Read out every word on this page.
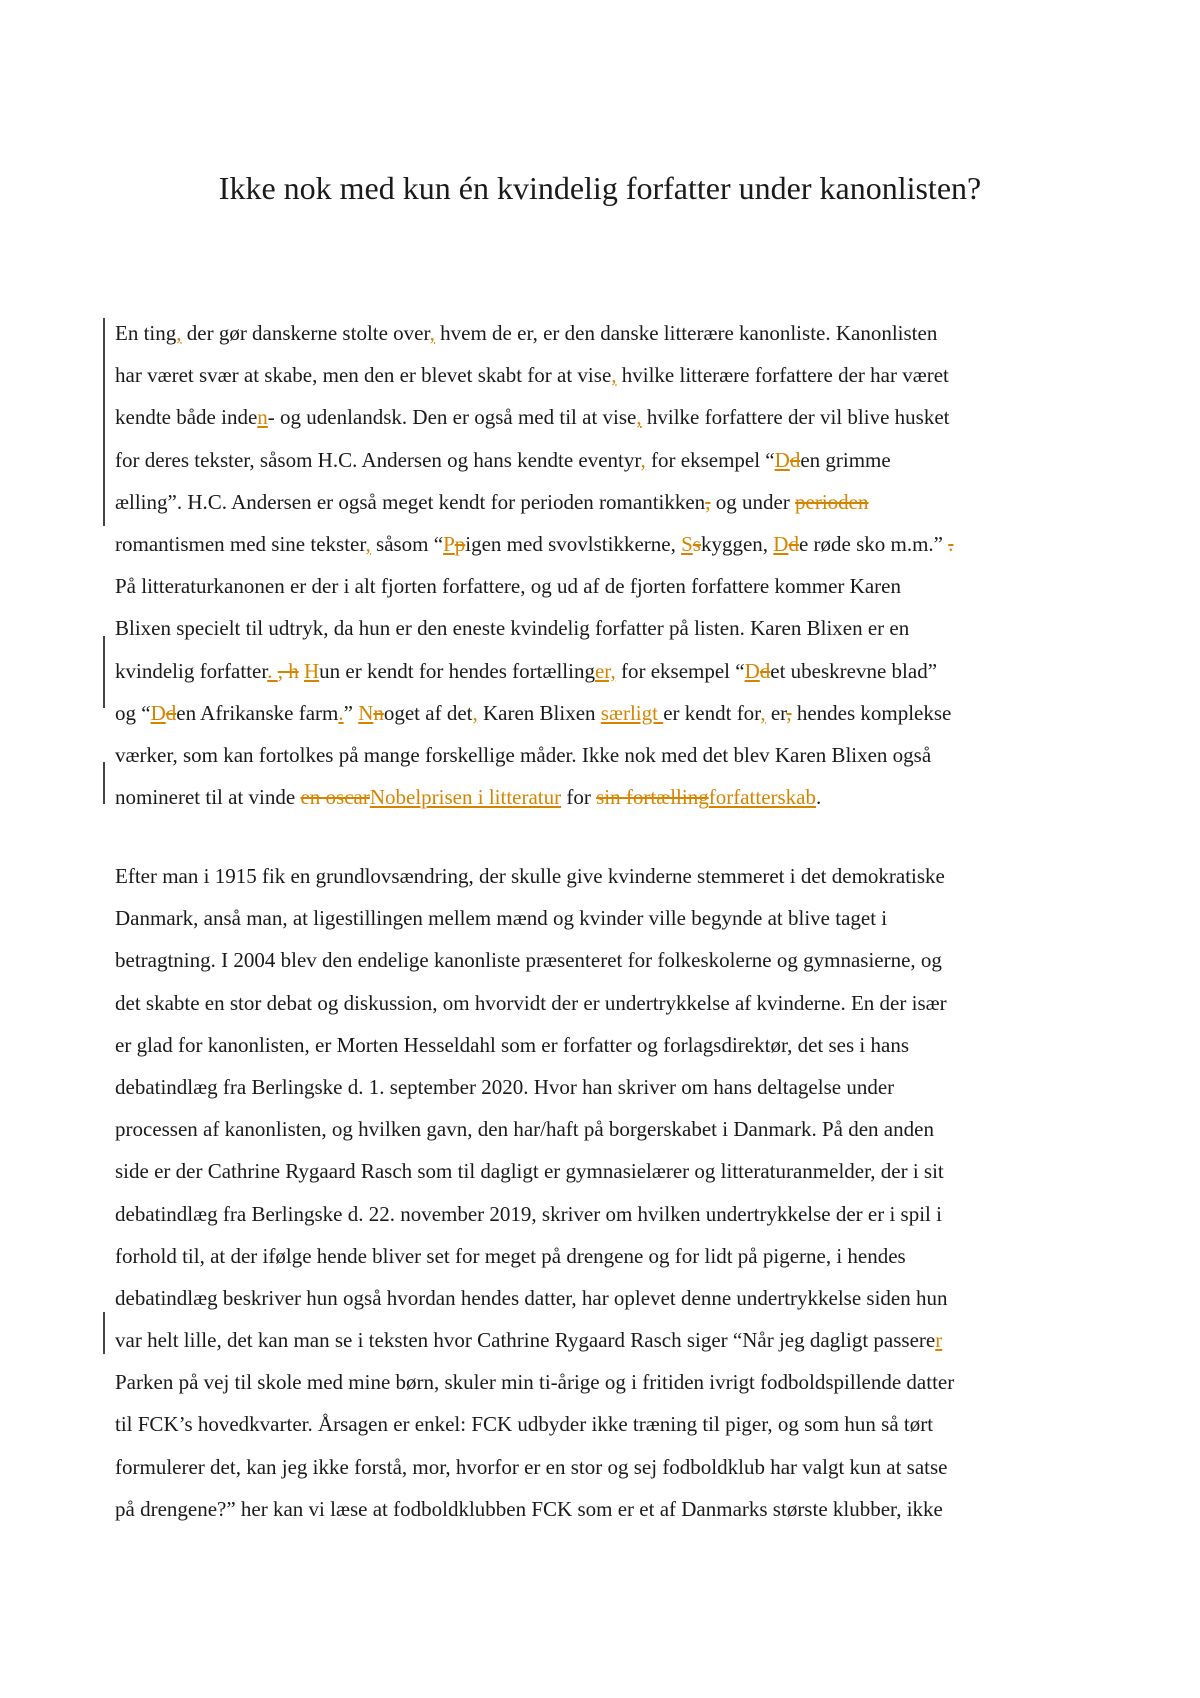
Ikke nok med kun én kvindelig forfatter under kanonlisten?
En ting, der gør danskerne stolte over, hvem de er, er den danske litterære kanonliste. Kanonlisten
har været svær at skabe, men den er blevet skabt for at vise, hvilke litterære forfattere der har været
kendte både inden- og udenlandsk. Den er også med til at vise, hvilke forfattere der vil blive husket
for deres tekster, såsom H.C. Andersen og hans kendte eventyr, for eksempel “Dden grimme
ælling”. H.C. Andersen er også meget kendt for perioden romantikken, og under perioden
romantismen med sine tekster, såsom “Ppigen med svovlstikkerne, Sskyggen, Dde røde sko m.m.” .
På litteraturkanonen er der i alt fjorten forfattere, og ud af de fjorten forfattere kommer Karen
Blixen specielt til udtryk, da hun er den eneste kvindelig forfatter på listen. Karen Blixen er en
kvindelig forfatter. , h Hun er kendt for hendes fortællinger, for eksempel “Ddet ubeskrevne blad”
og “Dden Afrikanske farm.” Nnoget af det, Karen Blixen særligt er kendt for, er, hendes komplekse
værker, som kan fortolkes på mange forskellige måder. Ikke nok med det blev Karen Blixen også
nomineret til at vinde en oscarNobelprisen i litteratur for sin fortællingforfatterskab.
Efter man i 1915 fik en grundlovsændring, der skulle give kvinderne stemmeret i det demokratiske
Danmark, anså man, at ligestillingen mellem mænd og kvinder ville begynde at blive taget i
betragtning. I 2004 blev den endelige kanonliste præsenteret for folkeskolerne og gymnasierne, og
det skabte en stor debat og diskussion, om hvorvidt der er undertrykkelse af kvinderne. En der især
er glad for kanonlisten, er Morten Hesseldahl som er forfatter og forlagsdirektør, det ses i hans
debatindlæg fra Berlingske d. 1. september 2020. Hvor han skriver om hans deltagelse under
processen af kanonlisten, og hvilken gavn, den har/haft på borgerskabet i Danmark. På den anden
side er der Cathrine Rygaard Rasch som til dagligt er gymnasielærer og litteraturanmelder, der i sit
debatindlæg fra Berlingske d. 22. november 2019, skriver om hvilken undertrykkelse der er i spil i
forhold til, at der ifølge hende bliver set for meget på drengene og for lidt på pigerne, i hendes
debatindlæg beskriver hun også hvordan hendes datter, har oplevet denne undertrykkelse siden hun
var helt lille, det kan man se i teksten hvor Cathrine Rygaard Rasch siger “Når jeg dagligt passerer
Parken på vej til skole med mine børn, skuler min ti-årige og i fritiden ivrigt fodboldspillende datter
til FCK’s hovedkvarter. Årsagen er enkel: FCK udbyder ikke træning til piger, og som hun så tørt
formulerer det, kan jeg ikke forstå, mor, hvorfor er en stor og sej fodboldklub har valgt kun at satse
på drengene?” her kan vi læse at fodboldklubben FCK som er et af Danmarks største klubber, ikke
